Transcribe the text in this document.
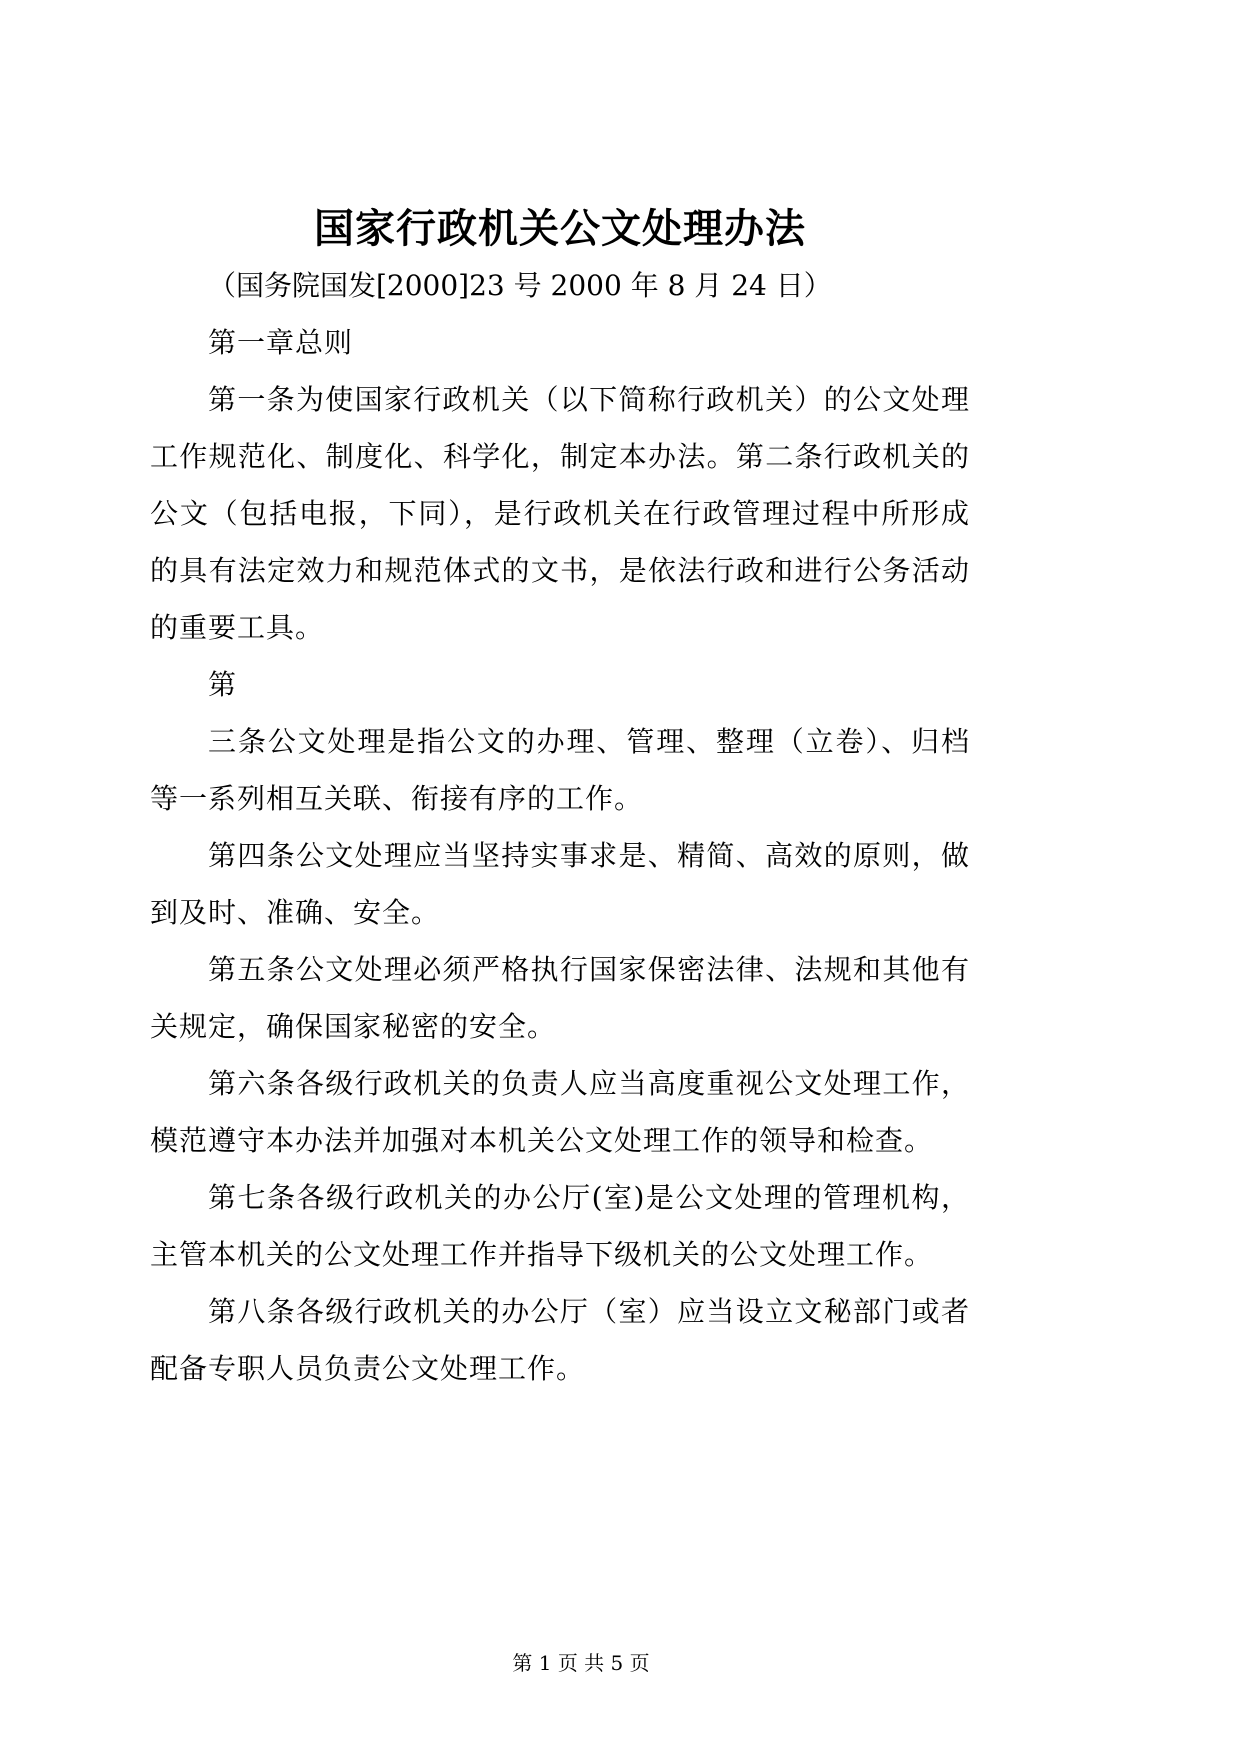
国家行政机关公文处理办法
（国务院国发[2000]23 号 2000 年 8 月 24 日）
第一章总则
第一条为使国家行政机关（以下简称行政机关）的公文处理
工作规范化、制度化、科学化，制定本办法。第二条行政机关的
公文（包括电报，下同），是行政机关在行政管理过程中所形成
的具有法定效力和规范体式的文书，是依法行政和进行公务活动
的重要工具。
第
三条公文处理是指公文的办理、管理、整理（立卷）、归档
等一系列相互关联、衔接有序的工作。
第四条公文处理应当坚持实事求是、精简、高效的原则，做
到及时、准确、安全。
第五条公文处理必须严格执行国家保密法律、法规和其他有
关规定，确保国家秘密的安全。
第六条各级行政机关的负责人应当高度重视公文处理工作，
模范遵守本办法并加强对本机关公文处理工作的领导和检查。
第七条各级行政机关的办公厅(室)是公文处理的管理机构，
主管本机关的公文处理工作并指导下级机关的公文处理工作。
第八条各级行政机关的办公厅（室）应当设立文秘部门或者
配备专职人员负责公文处理工作。
第 1 页 共 5 页
